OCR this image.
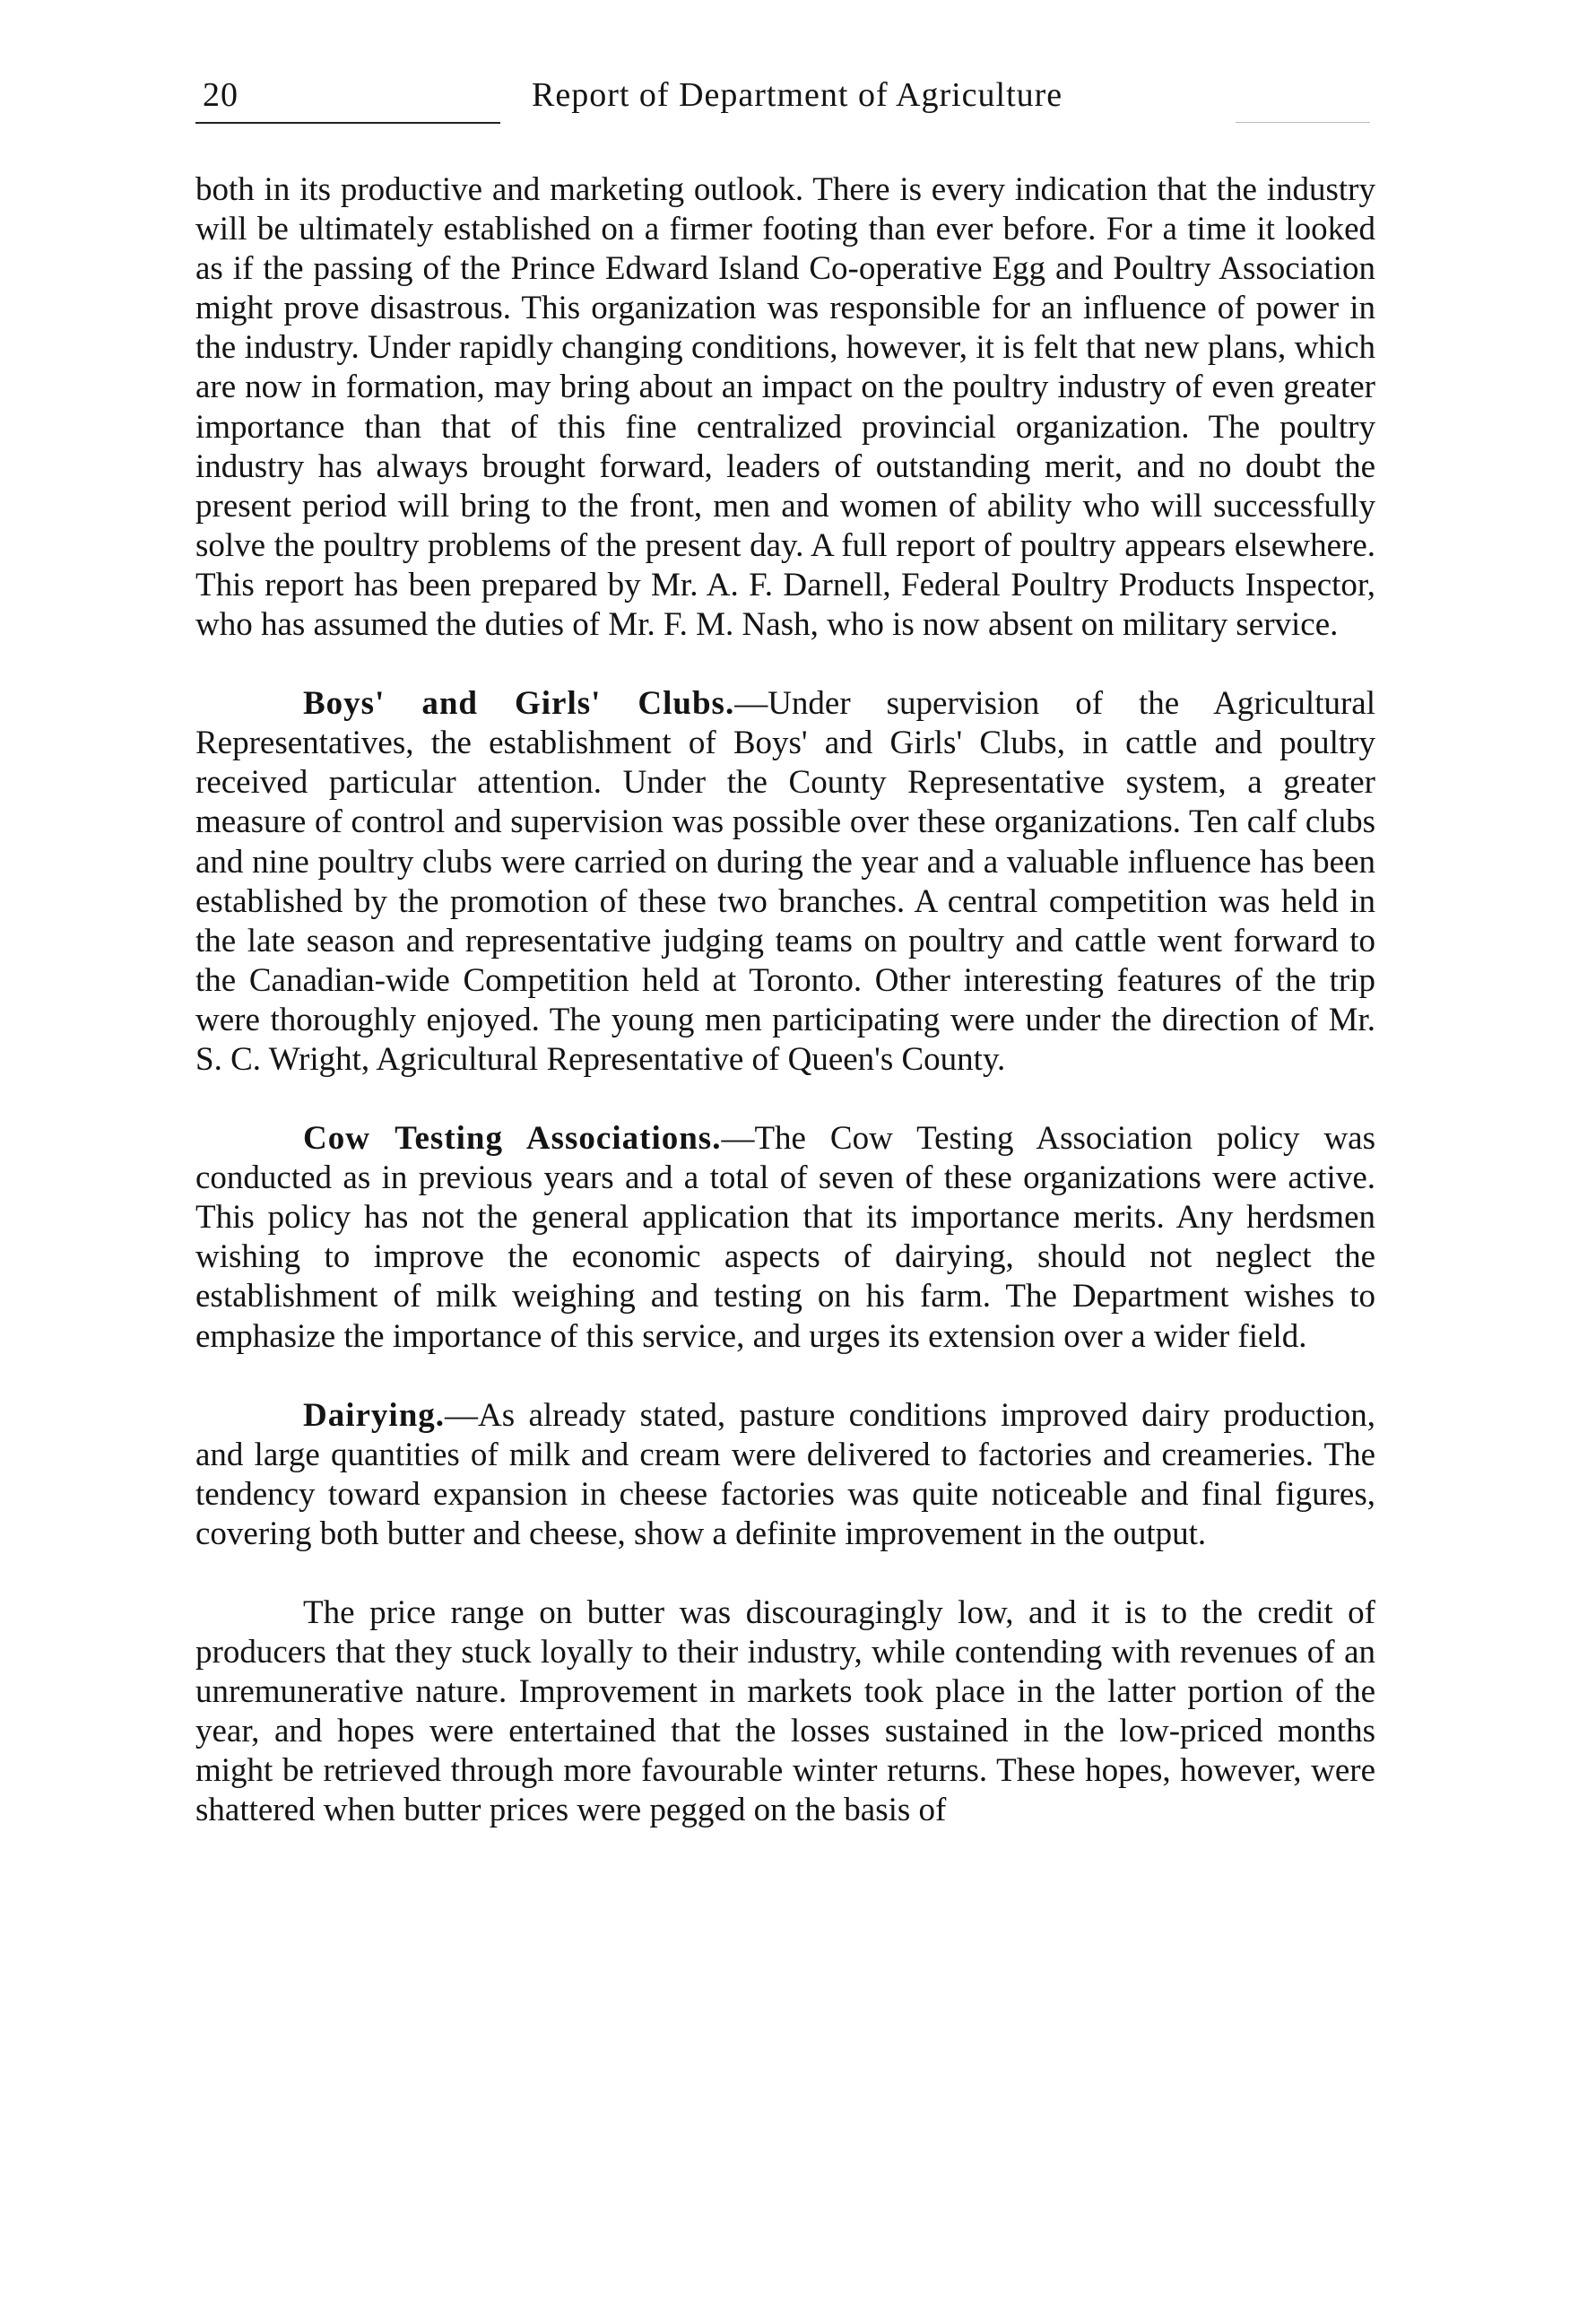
20	Report of Department of Agriculture

both in its productive and marketing outlook. There is every indication that the industry will be ultimately established on a firmer footing than ever before. For a time it looked as if the passing of the Prince Edward Island Co-operative Egg and Poultry Association might prove disastrous. This organization was responsible for an influence of power in the industry. Under rapidly changing conditions, however, it is felt that new plans, which are now in formation, may bring about an impact on the poultry industry of even greater importance than that of this fine centralized provincial organization. The poultry industry has always brought forward, leaders of outstanding merit, and no doubt the present period will bring to the front, men and women of ability who will successfully solve the poultry problems of the present day. A full report of poultry appears elsewhere. This report has been prepared by Mr. A. F. Darnell, Federal Poultry Products Inspector, who has assumed the duties of Mr. F. M. Nash, who is now absent on military service.

Boys' and Girls' Clubs.—Under supervision of the Agricultural Representatives, the establishment of Boys' and Girls' Clubs, in cattle and poultry received particular attention. Under the County Representative system, a greater measure of control and supervision was possible over these organizations. Ten calf clubs and nine poultry clubs were carried on during the year and a valuable influence has been established by the promotion of these two branches. A central competition was held in the late season and representative judging teams on poultry and cattle went forward to the Canadian-wide Competition held at Toronto. Other interesting features of the trip were thoroughly enjoyed. The young men participating were under the direction of Mr. S. C. Wright, Agricultural Representative of Queen's County.

Cow Testing Associations.—The Cow Testing Association policy was conducted as in previous years and a total of seven of these organizations were active. This policy has not the general application that its importance merits. Any herdsmen wishing to improve the economic aspects of dairying, should not neglect the establishment of milk weighing and testing on his farm. The Department wishes to emphasize the importance of this service, and urges its extension over a wider field.

Dairying.—As already stated, pasture conditions improved dairy production, and large quantities of milk and cream were delivered to factories and creameries. The tendency toward expansion in cheese factories was quite noticeable and final figures, covering both butter and cheese, show a definite improvement in the output.

The price range on butter was discouragingly low, and it is to the credit of producers that they stuck loyally to their industry, while contending with revenues of an unremunerative nature. Improvement in markets took place in the latter portion of the year, and hopes were entertained that the losses sustained in the low-priced months might be retrieved through more favourable winter returns. These hopes, however, were shattered when butter prices were pegged on the basis of
